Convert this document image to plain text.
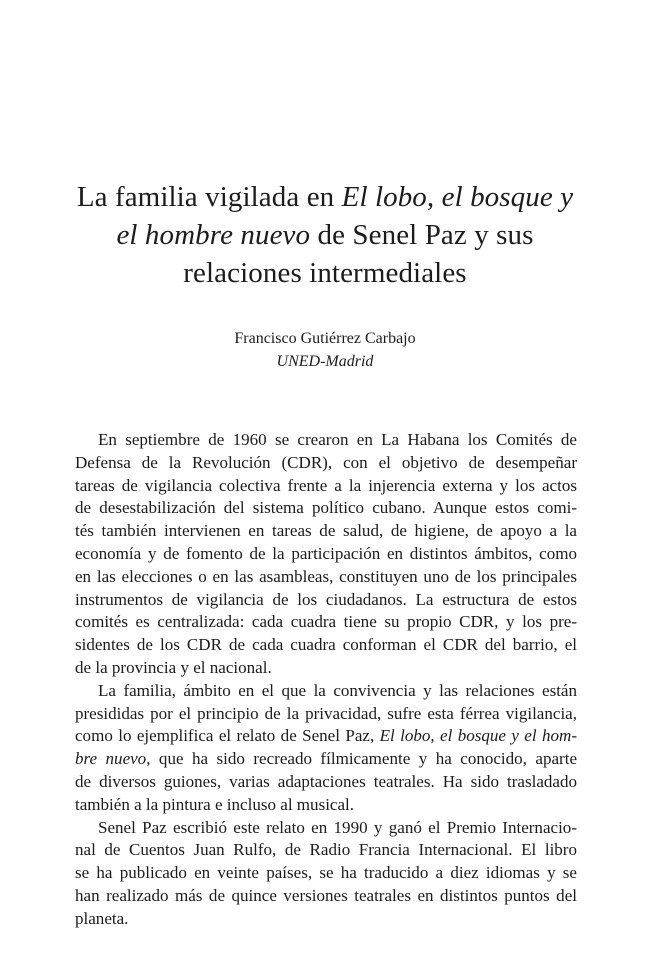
La familia vigilada en El lobo, el bosque y
el hombre nuevo de Senel Paz y sus
relaciones intermediales
Francisco Gutiérrez Carbajo
UNED-Madrid
En septiembre de 1960 se crearon en La Habana los Comités de
Defensa de la Revolución (CDR), con el objetivo de desempeñar
tareas de vigilancia colectiva frente a la injerencia externa y los actos
de desestabilización del sistema político cubano. Aunque estos comi-
tés también intervienen en tareas de salud, de higiene, de apoyo a la
economía y de fomento de la participación en distintos ámbitos, como
en las elecciones o en las asambleas, constituyen uno de los principales
instrumentos de vigilancia de los ciudadanos. La estructura de estos
comités es centralizada: cada cuadra tiene su propio CDR, y los pre-
sidentes de los CDR de cada cuadra conforman el CDR del barrio, el
de la provincia y el nacional.
La familia, ámbito en el que la convivencia y las relaciones están
presididas por el principio de la privacidad, sufre esta férrea vigilancia,
como lo ejemplifica el relato de Senel Paz, El lobo, el bosque y el hom-
bre nuevo, que ha sido recreado fílmicamente y ha conocido, aparte
de diversos guiones, varias adaptaciones teatrales. Ha sido trasladado
también a la pintura e incluso al musical.
Senel Paz escribió este relato en 1990 y ganó el Premio Internacio-
nal de Cuentos Juan Rulfo, de Radio Francia Internacional. El libro
se ha publicado en veinte países, se ha traducido a diez idiomas y se
han realizado más de quince versiones teatrales en distintos puntos del
planeta.
